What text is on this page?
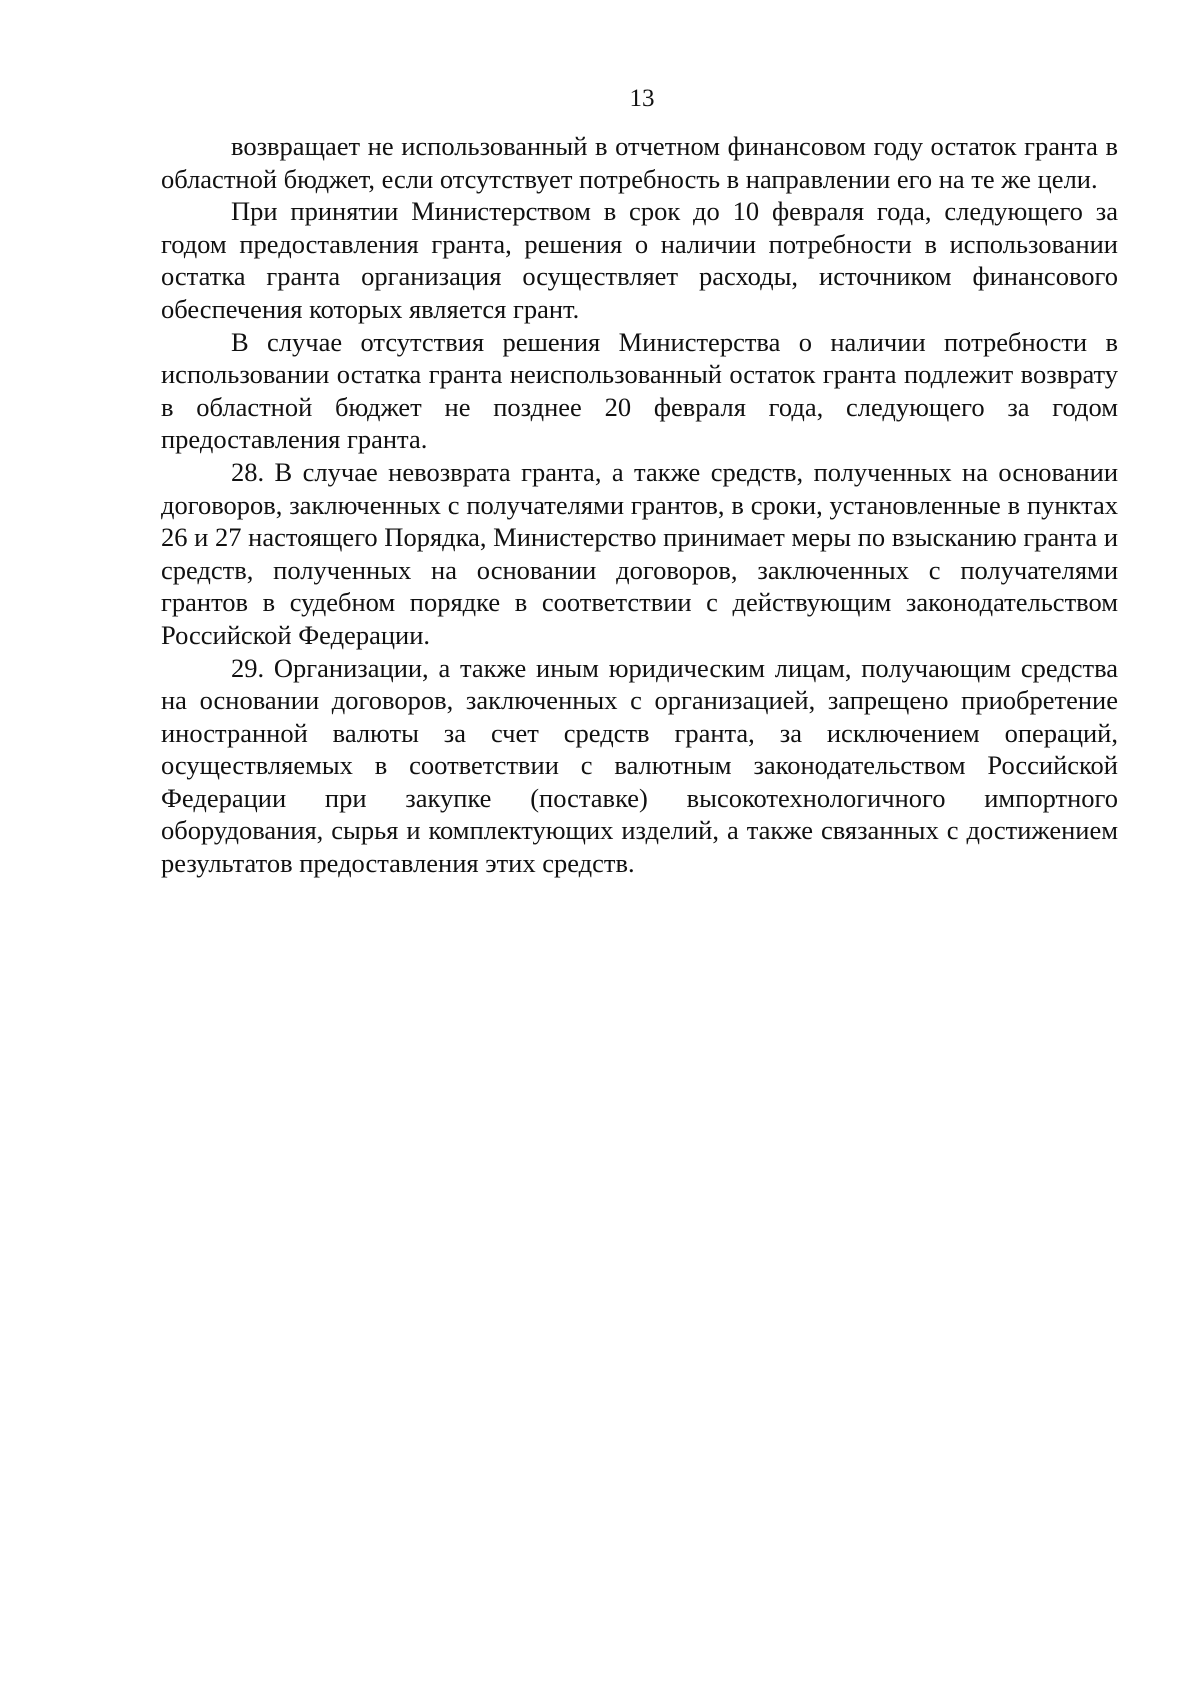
13

возвращает не использованный в отчетном финансовом году остаток гранта в областной бюджет, если отсутствует потребность в направлении его на те же цели.

При принятии Министерством в срок до 10 февраля года, следующего за годом предоставления гранта, решения о наличии потребности в использовании остатка гранта организация осуществляет расходы, источником финансового обеспечения которых является грант.

В случае отсутствия решения Министерства о наличии потребности в использовании остатка гранта неиспользованный остаток гранта подлежит возврату в областной бюджет не позднее 20 февраля года, следующего за годом предоставления гранта.

28. В случае невозврата гранта, а также средств, полученных на основании договоров, заключенных с получателями грантов, в сроки, установленные в пунктах 26 и 27 настоящего Порядка, Министерство принимает меры по взысканию гранта и средств, полученных на основании договоров, заключенных с получателями грантов в судебном порядке в соответствии с действующим законодательством Российской Федерации.

29. Организации, а также иным юридическим лицам, получающим средства на основании договоров, заключенных с организацией, запрещено приобретение иностранной валюты за счет средств гранта, за исключением операций, осуществляемых в соответствии с валютным законодательством Российской Федерации при закупке (поставке) высокотехнологичного импортного оборудования, сырья и комплектующих изделий, а также связанных с достижением результатов предоставления этих средств.
